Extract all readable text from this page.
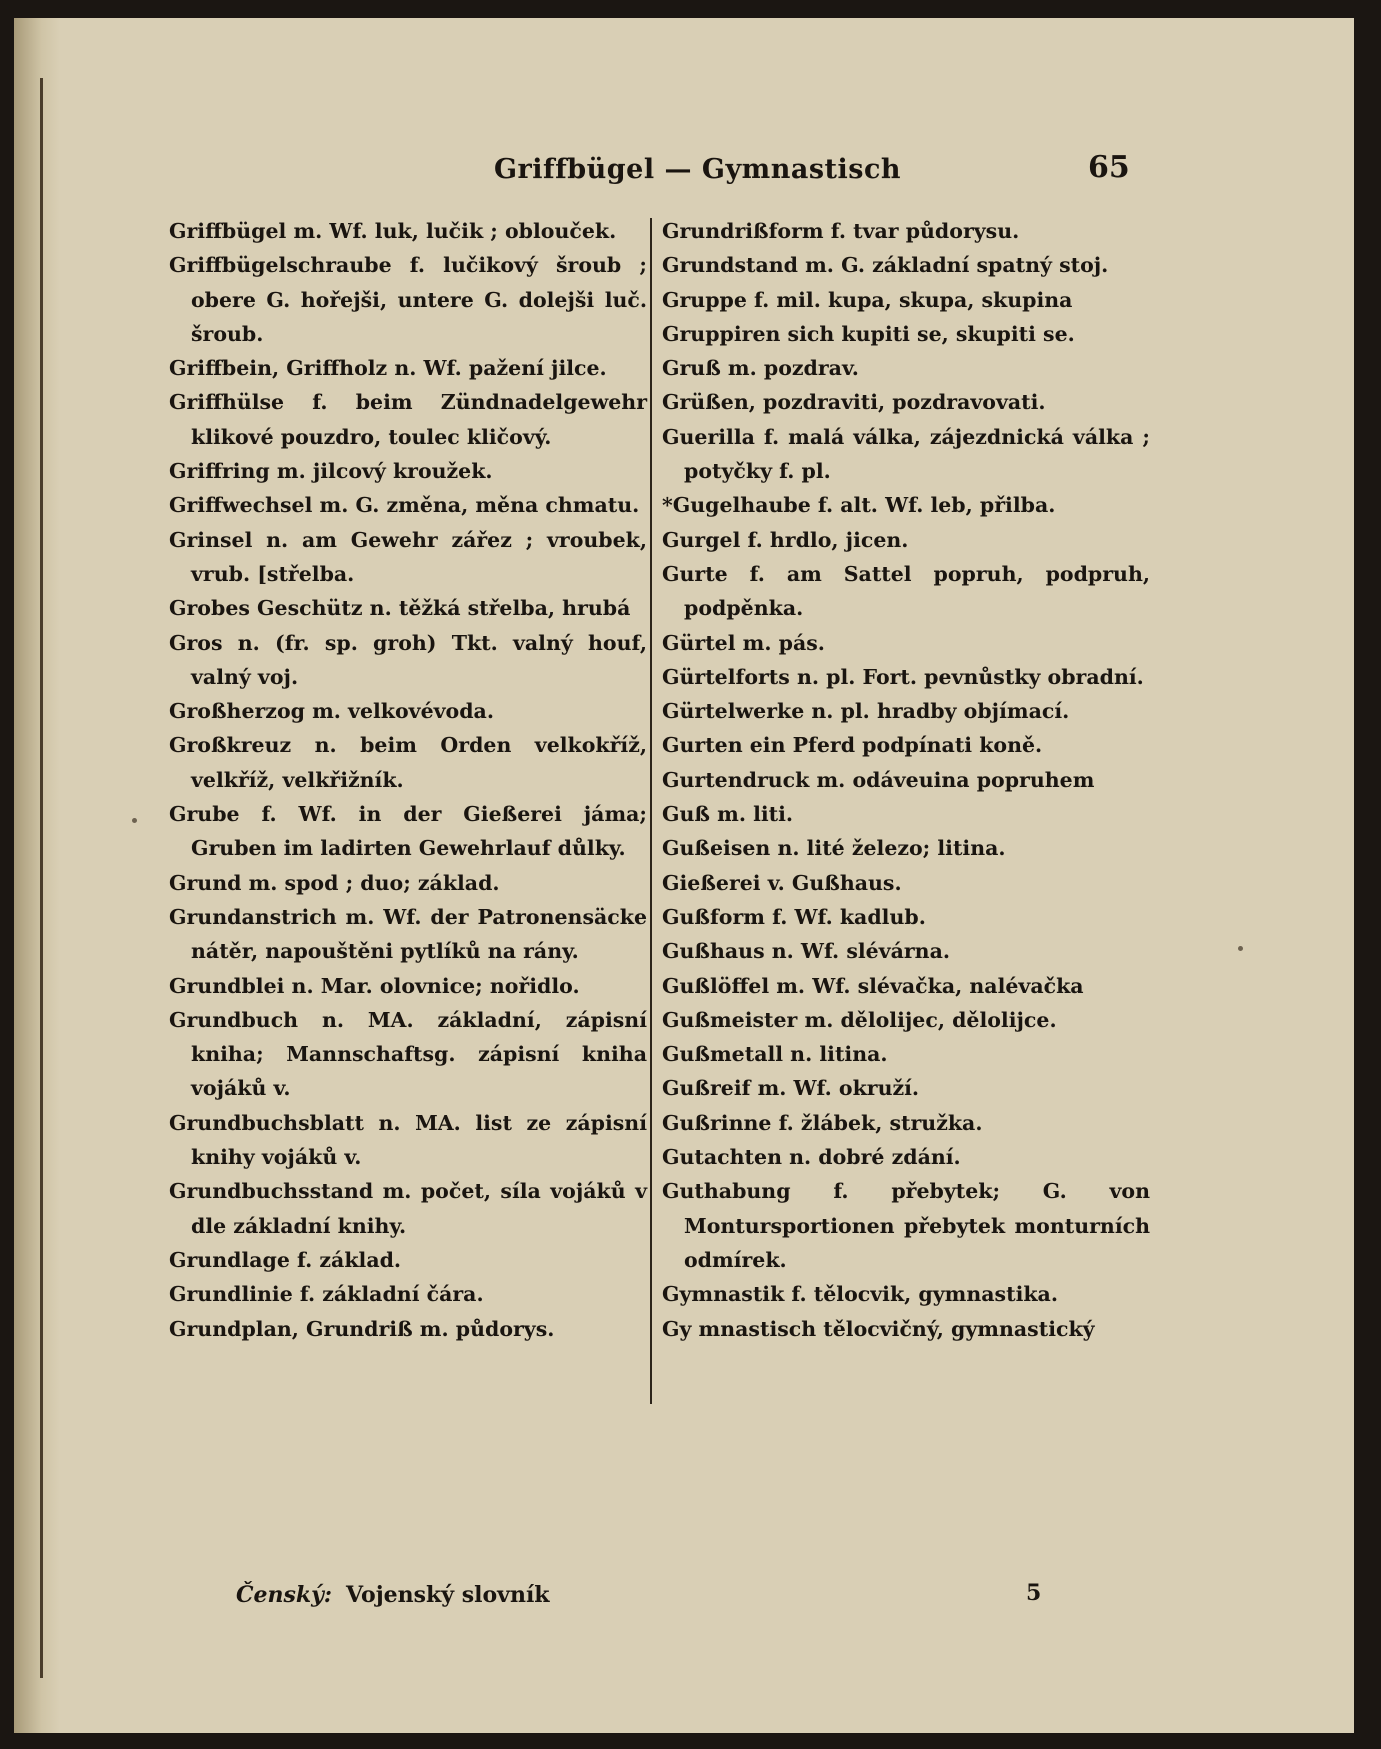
Griffbügel — Gymnastisch	65

Griffbügel m. Wf. luk, lučik ; oblouček.

Griffbügelschraube f. lučikový šroub ; obere G. hořejši, untere G. dolejši luč. šroub.

Griffbein, Griffholz n. Wf. pažení jilce.

Griffhülse f. beim Zündnadelgewehr klikové pouzdro, toulec kličový.

Griffring m. jilcový kroužek.

Griffwechsel m. G. změna, měna chmatu.

Grinsel n. am Gewehr zářez ; vroubek, vrub. [střelba.

Grobes Geschütz n. těžká střelba, hrubá

Gros n. (fr. sp. groh) Tkt. valný houf, valný voj.

Großherzog m. velkovévoda.

Großkreuz n. beim Orden velkokříž, velkříž, velkřižník.

Grube f. Wf. in der Gießerei jáma; Gruben im ladirten Gewehrlauf důlky.

Grund m. spod ; duo; základ.

Grundanstrich m. Wf. der Patronensäcke nátěr, napouštěni pytlíků na rány.

Grundblei n. Mar. olovnice; nořidlo.

Grundbuch n. MA. základní, zápisní kniha; Mannschaftsg. zápisní kniha vojáků v.

Grundbuchsblatt n. MA. list ze zápisní knihy vojáků v.

Grundbuchsstand m. počet, síla vojáků v dle základní knihy.

Grundlage f. základ.

Grundlinie f. základní čára.

Grundplan, Grundriß m. půdorys.

Grundrißform f. tvar půdorysu.

Grundstand m. G. základní spatný stoj.

Gruppe f. mil. kupa, skupa, skupina

Gruppiren sich kupiti se, skupiti se.

Gruß m. pozdrav.

Grüßen, pozdraviti, pozdravovati.

Guerilla f. malá válka, zájezdnická válka ; potyčky f. pl.

*Gugelhaube f. alt. Wf. leb, přilba.

Gurgel f. hrdlo, jicen.

Gurte f. am Sattel popruh, podpruh, podpěnka.

Gürtel m. pás.

Gürtelforts n. pl. Fort. pevnůstky obradní.

Gürtelwerke n. pl. hradby objímací.

Gurten ein Pferd podpínati koně.

Gurtendruck m. odáveuina popruhem

Guß m. liti.

Gußeisen n. lité železo; litina.

Gießerei v. Gußhaus.

Gußform f. Wf. kadlub.

Gußhaus n. Wf. slévárna.

Gußlöffel m. Wf. slévačka, nalévačka

Gußmeister m. děloliјec, dělolijce.

Gußmetall n. litina.

Gußreif m. Wf. okruží.

Gußrinne f. žlábek, stružka.

Gutachten n. dobré zdání.

Guthabung f. přebytek; G. von Montursportionen přebytek monturních odmírek.

Gymnastik f. tělocvik, gymnastika.

Gy mnastisch tělocvičný, gymnastický

Čenský: Vojenský slovník	5
